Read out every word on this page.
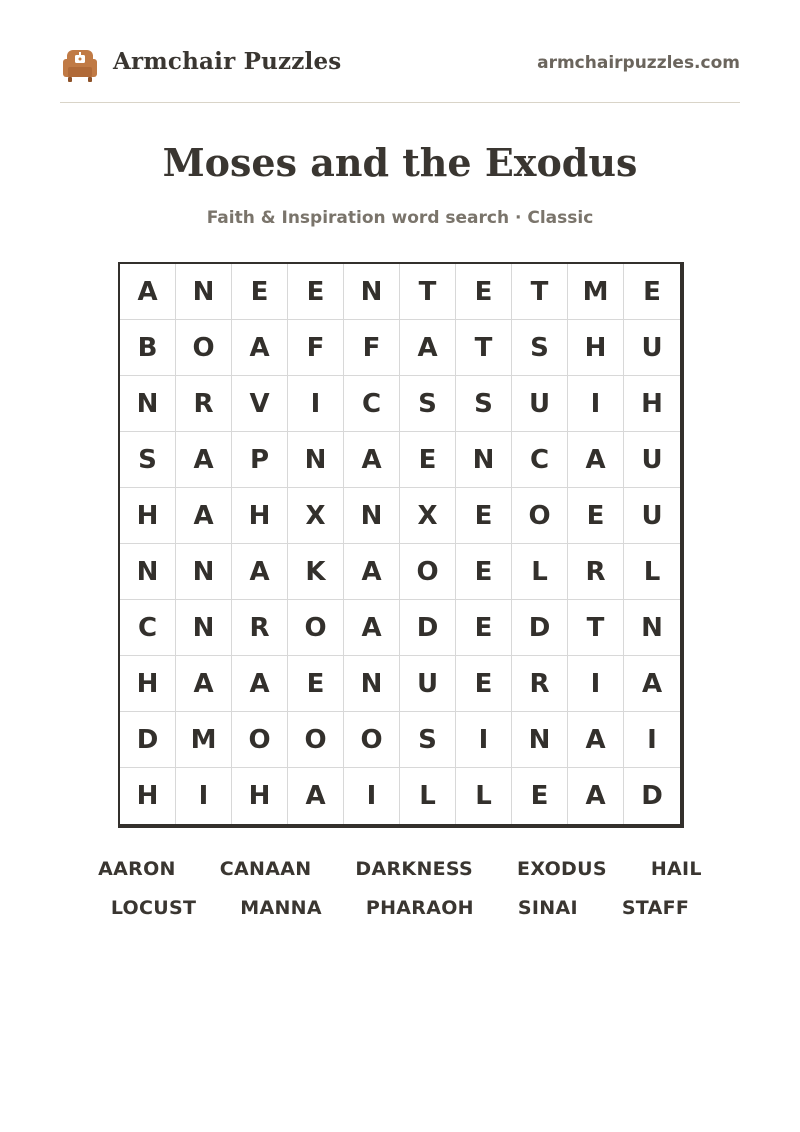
Armchair Puzzles	armchairpuzzles.com
Moses and the Exodus
Faith & Inspiration word search · Classic
A	N	E	E	N	T	E	T	M	E
B	O	A	F	F	A	T	S	H	U
N	R	V	I	C	S	S	U	I	H
S	A	P	N	A	E	N	C	A	U
H	A	H	X	N	X	E	O	E	U
N	N	A	K	A	O	E	L	R	L
C	N	R	O	A	D	E	D	T	N
H	A	A	E	N	U	E	R	I	A
D	M	O	O	O	S	I	N	A	I
H	I	H	A	I	L	L	E	A	D
AARON CANAAN DARKNESS EXODUS HAIL
LOCUST MANNA PHARAOH SINAI STAFF
